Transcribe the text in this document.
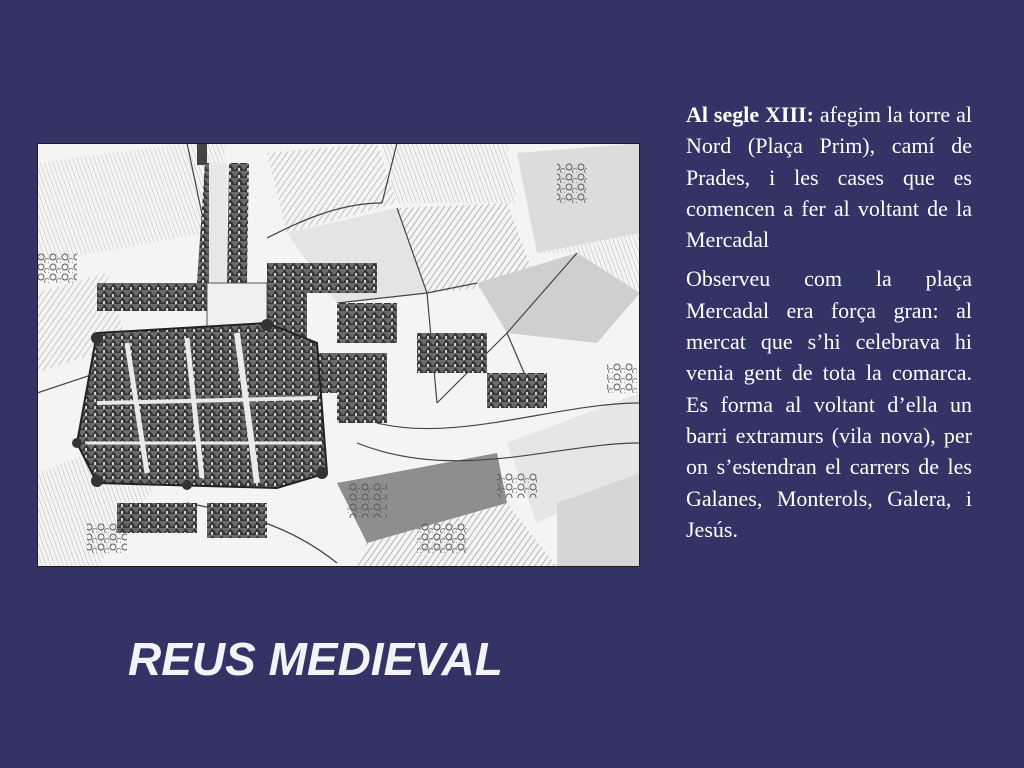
REUS MEDIEVAL

Al segle XIII: afegim la torre al Nord (Plaça Prim), camí de Prades, i les cases que es comencen a fer al voltant de la Mercadal

Observeu com la plaça Mercadal era força gran: al mercat que s’hi celebrava hi venia gent de tota la comarca. Es forma al voltant d’ella un barri extramurs (vila nova), per on s’estendran el carrers de les Galanes, Monterols, Galera, i Jesús.
